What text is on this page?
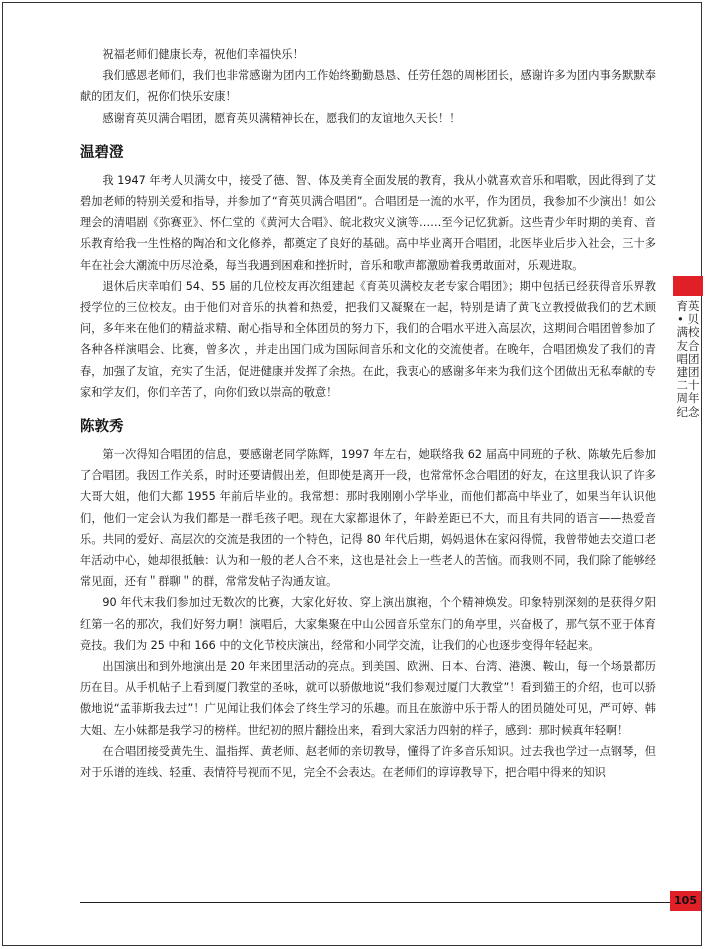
祝福老师们健康长寿，祝他们幸福快乐！

我们感恩老师们，我们也非常感谢为团内工作始终勤勤恳恳、任劳任怨的周彬团长，感谢许多为团内事务默默奉献的团友们，祝你们快乐安康！

感谢育英贝满合唱团，愿育英贝满精神长在，愿我们的友谊地久天长！！

温碧澄

我 1947 年考人贝满女中，接受了德、智、体及美育全面发展的教育，我从小就喜欢音乐和唱歌，因此得到了艾碧加老师的特别关爱和指导，并参加了“育英贝满合唱团”。合唱团是一流的水平，作为团员，我参加不少演出！如公理会的清唱剧《弥赛亚》、怀仁堂的《黄河大合唱》、皖北救灾义演等……至今记忆犹新。这些青少年时期的美育、音乐教育给我一生性格的陶冶和文化修养，都奠定了良好的基础。高中毕业离开合唱团，北医毕业后步入社会，三十多年在社会大潮流中历尽沧桑，每当我遇到困难和挫折时，音乐和歌声都激励着我勇敢面对，乐观进取。

退休后庆幸咱们 54、55 届的几位校友再次组建起《育英贝满校友老专家合唱团》；期中包括已经获得音乐界教授学位的三位校友。由于他们对音乐的执着和热爱，把我们又凝聚在一起，特别是请了黄飞立教授做我们的艺术顾问，多年来在他们的精益求精、耐心指导和全体团员的努力下，我们的合唱水平进入高层次，这期间合唱团曾参加了各种各样演唱会、比赛，曾多次 ，并走出国门成为国际间音乐和文化的交流使者。在晚年，合唱团焕发了我们的青春，加强了友谊，充实了生活，促进健康并发挥了余热。在此，我衷心的感谢多年来为我们这个团做出无私奉献的专家和学友们，你们辛苦了，向你们致以崇高的敬意！

陈敦秀

第一次得知合唱团的信息，要感谢老同学陈辉，1997 年左右，她联络我 62 届高中同班的子秋、陈敏先后参加了合唱团。我因工作关系，时时还要请假出差，但即使是离开一段，也常常怀念合唱团的好友，在这里我认识了许多大哥大姐，他们大都 1955 年前后毕业的。我常想：那时我刚刚小学毕业，而他们都高中毕业了，如果当年认识他们，他们一定会认为我们都是一群毛孩子吧。现在大家都退休了，年龄差距已不大，而且有共同的语言——热爱音乐。共同的爱好、高层次的交流是我团的一个特色，记得 80 年代后期，妈妈退休在家闷得慌，我曾带她去交道口老年活动中心，她却很抵触：认为和一般的老人合不来，这也是社会上一些老人的苦恼。而我则不同，我们除了能够经常见面，还有＂群聊＂的群，常常发帖子沟通友谊。

90 年代末我们参加过无数次的比赛，大家化好妆、穿上演出旗袍，个个精神焕发。印象特别深刻的是获得夕阳红第一名的那次，我们好努力啊！演唱后，大家集聚在中山公园音乐堂东门的角亭里，兴奋极了，那气氛不亚于体育竞技。我们为 25 中和 166 中的文化节校庆演出，经常和小同学交流，让我们的心也逐步变得年轻起来。

出国演出和到外地演出是 20 年来团里活动的亮点。到美国、欧洲、日本、台湾、港澳、鞍山，每一个场景都历历在目。从手机帖子上看到厦门教堂的圣咏，就可以骄傲地说“我们参观过厦门大教堂”！看到猫王的介绍，也可以骄傲地说“孟菲斯我去过”！广见闻让我们体会了终生学习的乐趣。而且在旅游中乐于帮人的团员随处可见，严可婷、韩大姐、左小妹都是我学习的榜样。世纪初的照片翻捡出来，看到大家活力四射的样子，感到：那时候真年轻啊！

在合唱团接受黄先生、温指挥、黄老师、赵老师的亲切教导，懂得了许多音乐知识。过去我也学过一点钢琴，但对于乐谱的连线、轻重、表情符号视而不见，完全不会表达。在老师们的谆谆教导下，把合唱中得来的知识

育英 • 贝满校友合唱团建团二十周年纪念
105
